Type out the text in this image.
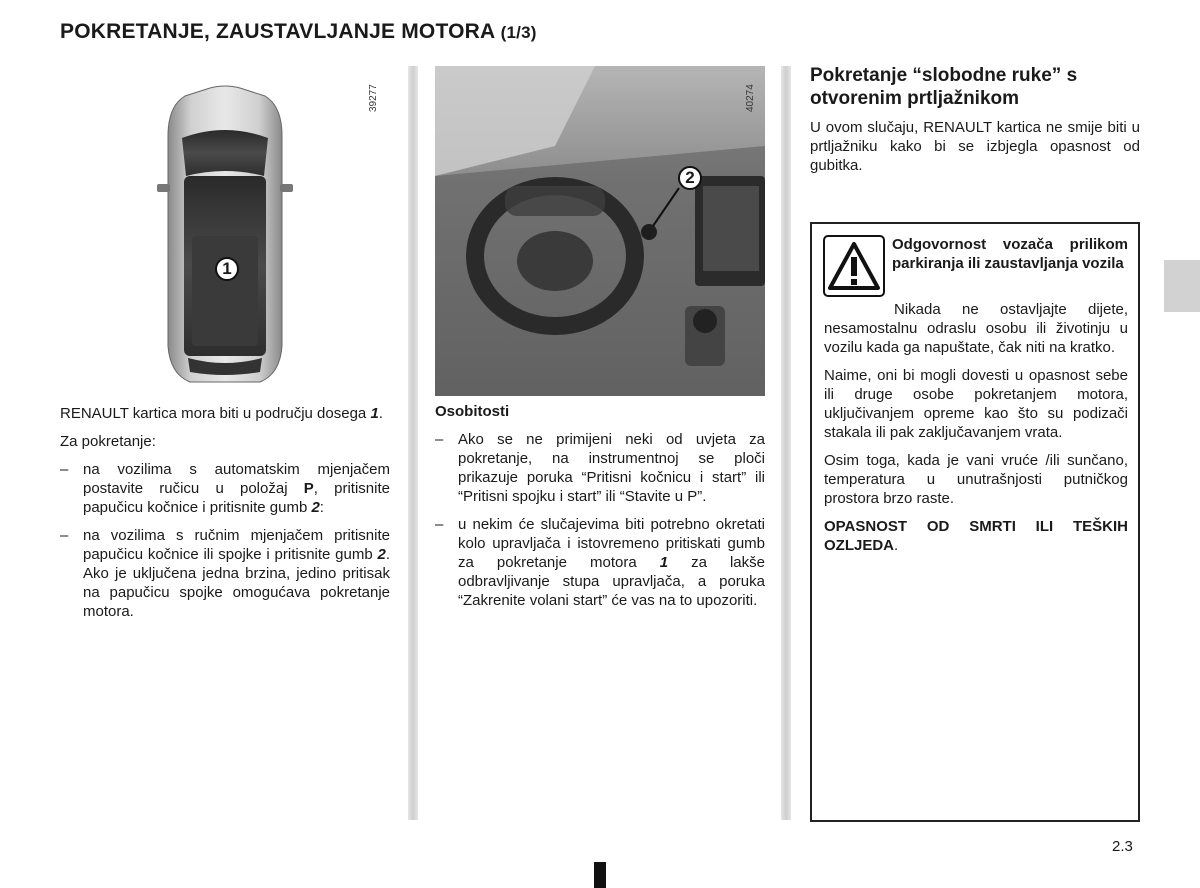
POKRETANJE, ZAUSTAVLJANJE MOTORA (1/3)
1
39277

RENAULT kartica mora biti u području dosega 1.

Za pokretanje:

– na vozilima s automatskim mjenjačem postavite ručicu u položaj P, pritisnite papučicu kočnice i pritisnite gumb 2:
– na vozilima s ručnim mjenjačem pritisnite papučicu kočnice ili spojke i pritisnite gumb 2. Ako je uključena jedna brzina, jedino pritisak na papučicu spojke omogućava pokretanje motora.
2
40274

Osobitosti

– Ako se ne primijeni neki od uvjeta za pokretanje, na instrumentnoj se ploči prikazuje poruka “Pritisni kočnicu i start” ili “Pritisni spojku i start” ili “Stavite u P”.
– u nekim će slučajevima biti potrebno okretati kolo upravljača i istovremeno pritiskati gumb za pokretanje motora 1 za lakše odbravljivanje stupa upravljača, a poruka “Zakrenite volani start” će vas na to upozoriti.
Pokretanje “slobodne ruke” s otvorenim prtljažnikom
U ovom slučaju, RENAULT kartica ne smije biti u prtljažniku kako bi se izbjegla opasnost od gubitka.
Odgovornost vozača prilikom parkiranja ili zaustavljanja vozila

Nikada ne ostavljajte dijete, nesamostalnu odraslu osobu ili životinju u vozilu kada ga napuštate, čak niti na kratko.

Naime, oni bi mogli dovesti u opasnost sebe ili druge osobe pokretanjem motora, uključivanjem opreme kao što su podizači stakala ili pak zaključavanjem vrata.

Osim toga, kada je vani vruće /ili sunčano, temperatura u unutrašnjosti putničkog prostora brzo raste.

OPASNOST OD SMRTI ILI TEŠKIH OZLJEDA.

2.3
